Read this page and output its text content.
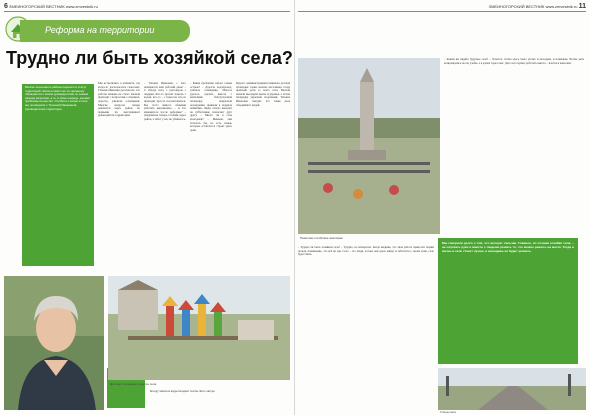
6 ЗМЕИНОГОРСКИЙ ВЕСТНИК www.zmvestnik.ru	ЗМЕИНОГОРСКИЙ ВЕСТНИК www.zmvestnik.ru 11
Реформа на территории
Трудно ли быть хозяйкой села?

Многие сельсоветы района перешли в статус территорий. Жители таких сел по-прежнему обращаются к своим руководителям по самым разным вопросам, а те, в свою очередь, решают проблемы на местах. О работе и жизни в селе мы поговорили с Татьяной Ивановной, руководителем территории.

Мы встретились в кабинете, где когда-то располагался сельсовет. Татьяна Ивановна рассказала, что работы меньше не стало: жители приходят с вопросами о справках, дорогах, уличном освещении. Многие вопросы теперь решаются через район, но первыми их выслушивает руководитель территории.

– Татьяна Ивановна, с чего начинается ваш рабочий день? – С обхода села, с разговоров с людьми. Кто-то просит помочь с водой, кто-то – с покосом, кто-то приходит просто посоветоваться. Без этого живого общения работать невозможно. – А что изменилось после реформы? – Документы теперь готовим через район, а забот у нас не убавилось.

– Какие проблемы сейчас самые острые? – Дороги, водопровод, уличное освещение. Многое удалось сделать вместе с жителями: благоустроили площадку, покрасили ограждения, привели в порядок памятник. Люди охотно выходят на субботники, помогают друг другу. – Много ли в селе молодежи? – Меньше, чем хотелось бы, но есть семьи, которые остаются и строят здесь дома.

Рядом с администрацией появилась детская площадка: горки, качели, песочница. Сюда приходят дети со всего села. Весной жители высадили цветы и деревья, а летом площадку украсили поделками. Татьяна Ивановна говорит, что такие дела объединяют людей.

Детская площадка в центре села

Беседу записала корреспондент газеты. Фото автора.

Памятник погибшим землякам

– Каким вы видите будущее села? – Хочется, чтобы здесь было уютно и молодым, и пожилым. Чтобы дети возвращались после учебы, а в домах горел свет. Для этого нужно работать вместе – власти и жителям.

– Трудно ли быть хозяйкой села? – Трудно, но интересно. Когда видишь, что твоя работа приносит людям пользу, понимаешь, что всё не зря. Село – это люди, и пока они здесь живут и заботятся о своем доме, село будет жить.

Мы говорили долго о том, что волнует сельчан. Главное, по словам хозяйки села, – не опускать руки и вместе с людьми решать то, что можно решить на месте. Тогда и жизнь в селе станет лучше, и молодежь не будет уезжать.

Улица села
